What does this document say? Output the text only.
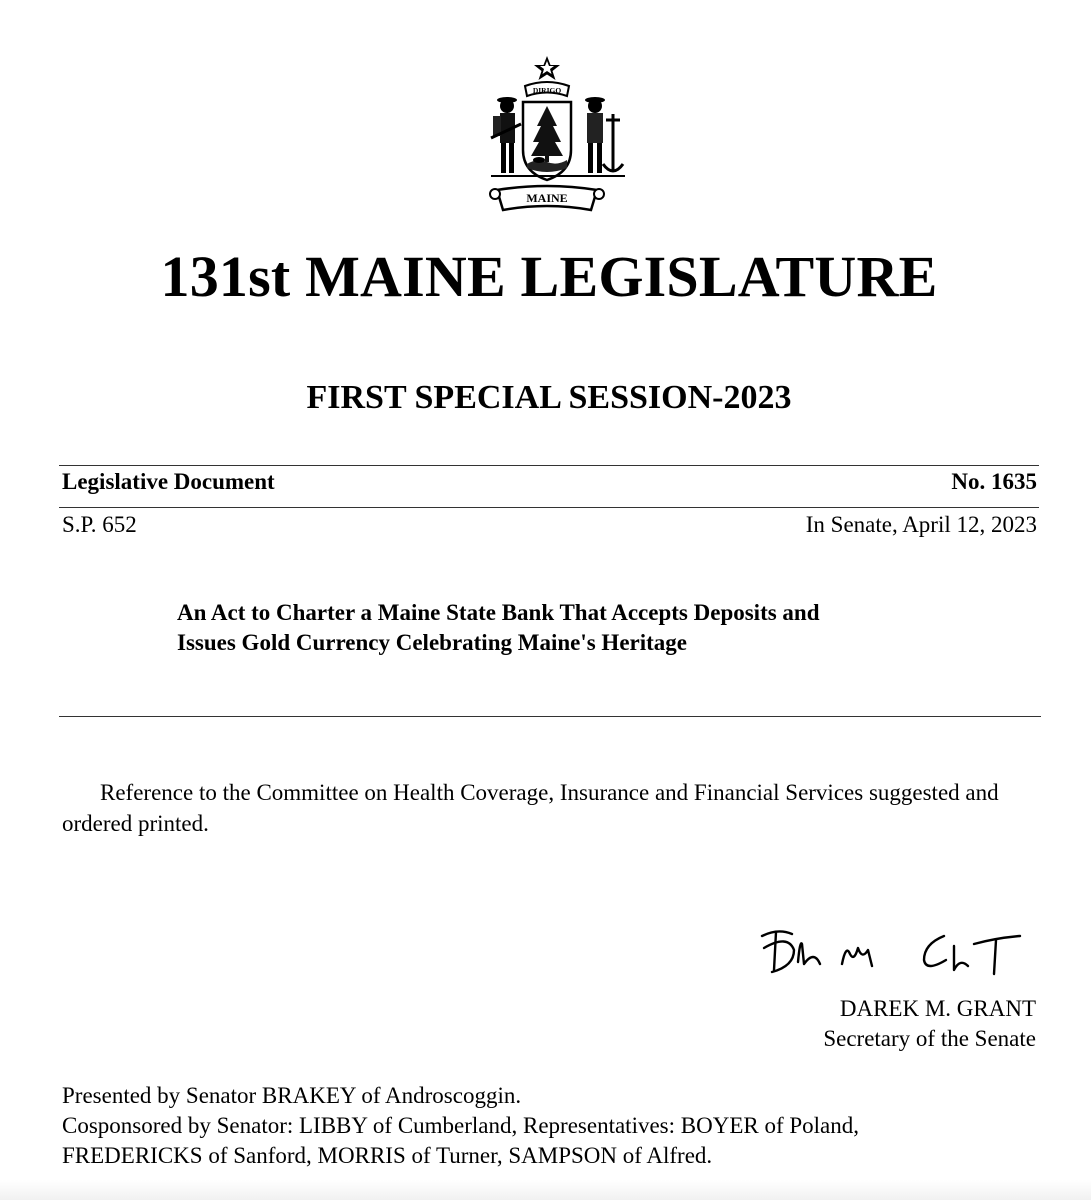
DIRIGO
MAINE
131st MAINE LEGISLATURE
FIRST SPECIAL SESSION-2023
Legislative Document	No. 1635
S.P. 652	In Senate, April 12, 2023
An Act to Charter a Maine State Bank That Accepts Deposits and
Issues Gold Currency Celebrating Maine's Heritage
Reference to the Committee on Health Coverage, Insurance and Financial Services suggested and ordered printed.
DAREK M. GRANT
Secretary of the Senate
Presented by Senator BRAKEY of Androscoggin.
Cosponsored by Senator: LIBBY of Cumberland, Representatives: BOYER of Poland,
FREDERICKS of Sanford, MORRIS of Turner, SAMPSON of Alfred.
